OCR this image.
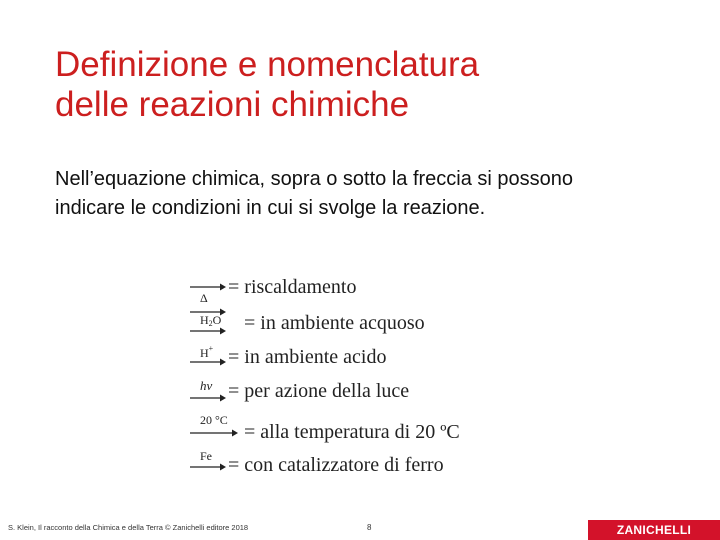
Definizione e nomenclatura
delle reazioni chimiche
Nell’equazione chimica, sopra o sotto la freccia si possono indicare le condizioni in cui si svolge la reazione.
Δ = riscaldamento
$H_2O$ → = in ambiente acquoso
H+ → = in ambiente acido
hv → = per azione della luce
20 °C
→ = alla temperatura di 20 ºC
Fe → = con catalizzatore di ferro
S. Klein, Il racconto della Chimica e della Terra © Zanichelli editore 2018	8	ZANICHELLI
